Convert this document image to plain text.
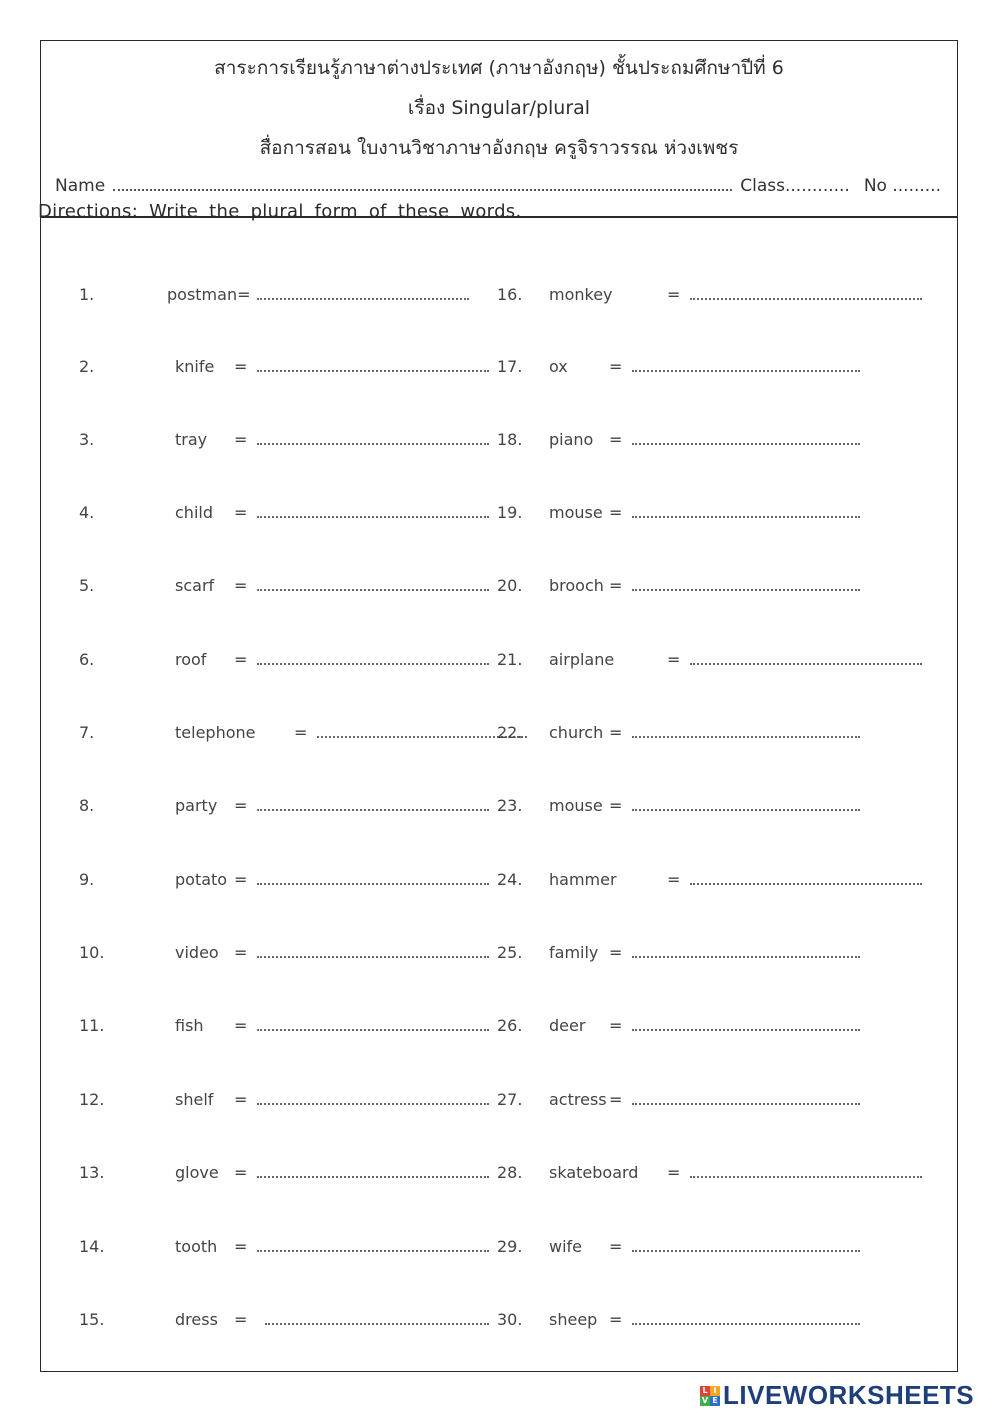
สาระการเรียนรู้ภาษาต่างประเทศ (ภาษาอังกฤษ) ชั้นประถมศึกษาปีที่ 6
เรื่อง Singular/plural
สื่อการสอน ใบงานวิชาภาษาอังกฤษ ครูจิราวรรณ ห่วงเพชร
Name	Class............ No .........
Directions: Write the plural form of these words.
1.	postman=
2.	knife =
3.	tray =
4.	child =
5.	scarf =
6.	roof =
7.	telephone =
8.	party =
9.	potato =
10.	video =
11.	fish =
12.	shelf =
13.	glove =
14.	tooth =
15.	dress =
16. monkey	=
17. ox	=
18. piano =
19. mouse =
20. brooch =
21. airplane	=
22. church =
23. mouse =
24. hammer	=
25. family =
26. deer =
27. actress =
28. skateboard =
29. wife =
30. sheep =
L I
V E LIVEWORKSHEETS
